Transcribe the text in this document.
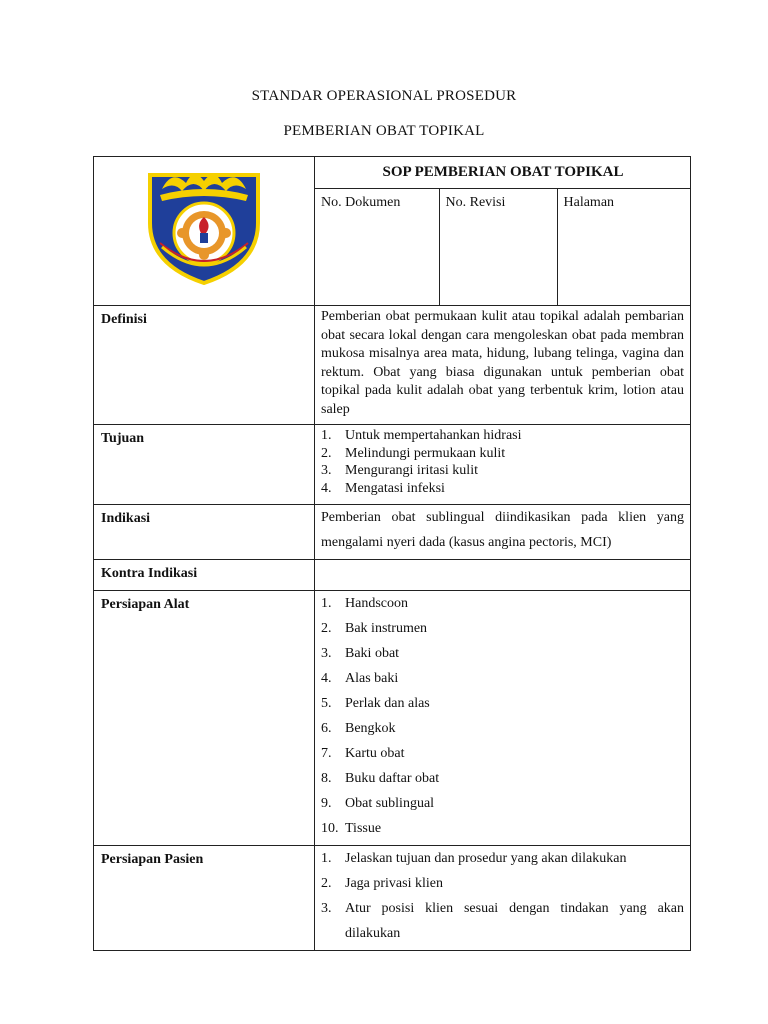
STANDAR OPERASIONAL PROSEDUR
PEMBERIAN OBAT TOPIKAL

SOP PEMBERIAN OBAT TOPIKAL
No. Dokumen	No. Revisi	Halaman

Definisi	Pemberian obat permukaan kulit atau topikal adalah pembarian obat secara lokal dengan cara mengoleskan obat pada membran mukosa misalnya area mata, hidung, lubang telinga, vagina dan rektum. Obat yang biasa digunakan untuk pemberian obat topikal pada kulit adalah obat yang terbentuk krim, lotion atau salep
Tujuan	1. Untuk mempertahankan hidrasi
2. Melindungi permukaan kulit
3. Mengurangi iritasi kulit
4. Mengatasi infeksi

Indikasi	Pemberian obat sublingual diindikasikan pada klien yang mengalami nyeri dada (kasus angina pectoris, MCI)
Kontra Indikasi	
Persiapan Alat	1. Handscoon
2. Bak instrumen
3. Baki obat
4. Alas baki
5. Perlak dan alas
6. Bengkok
7. Kartu obat
8. Buku daftar obat
9. Obat sublingual
10. Tissue

Persiapan Pasien	1. Jelaskan tujuan dan prosedur yang akan dilakukan
2. Jaga privasi klien
3. Atur posisi klien sesuai dengan tindakan yang akan dilakukan
